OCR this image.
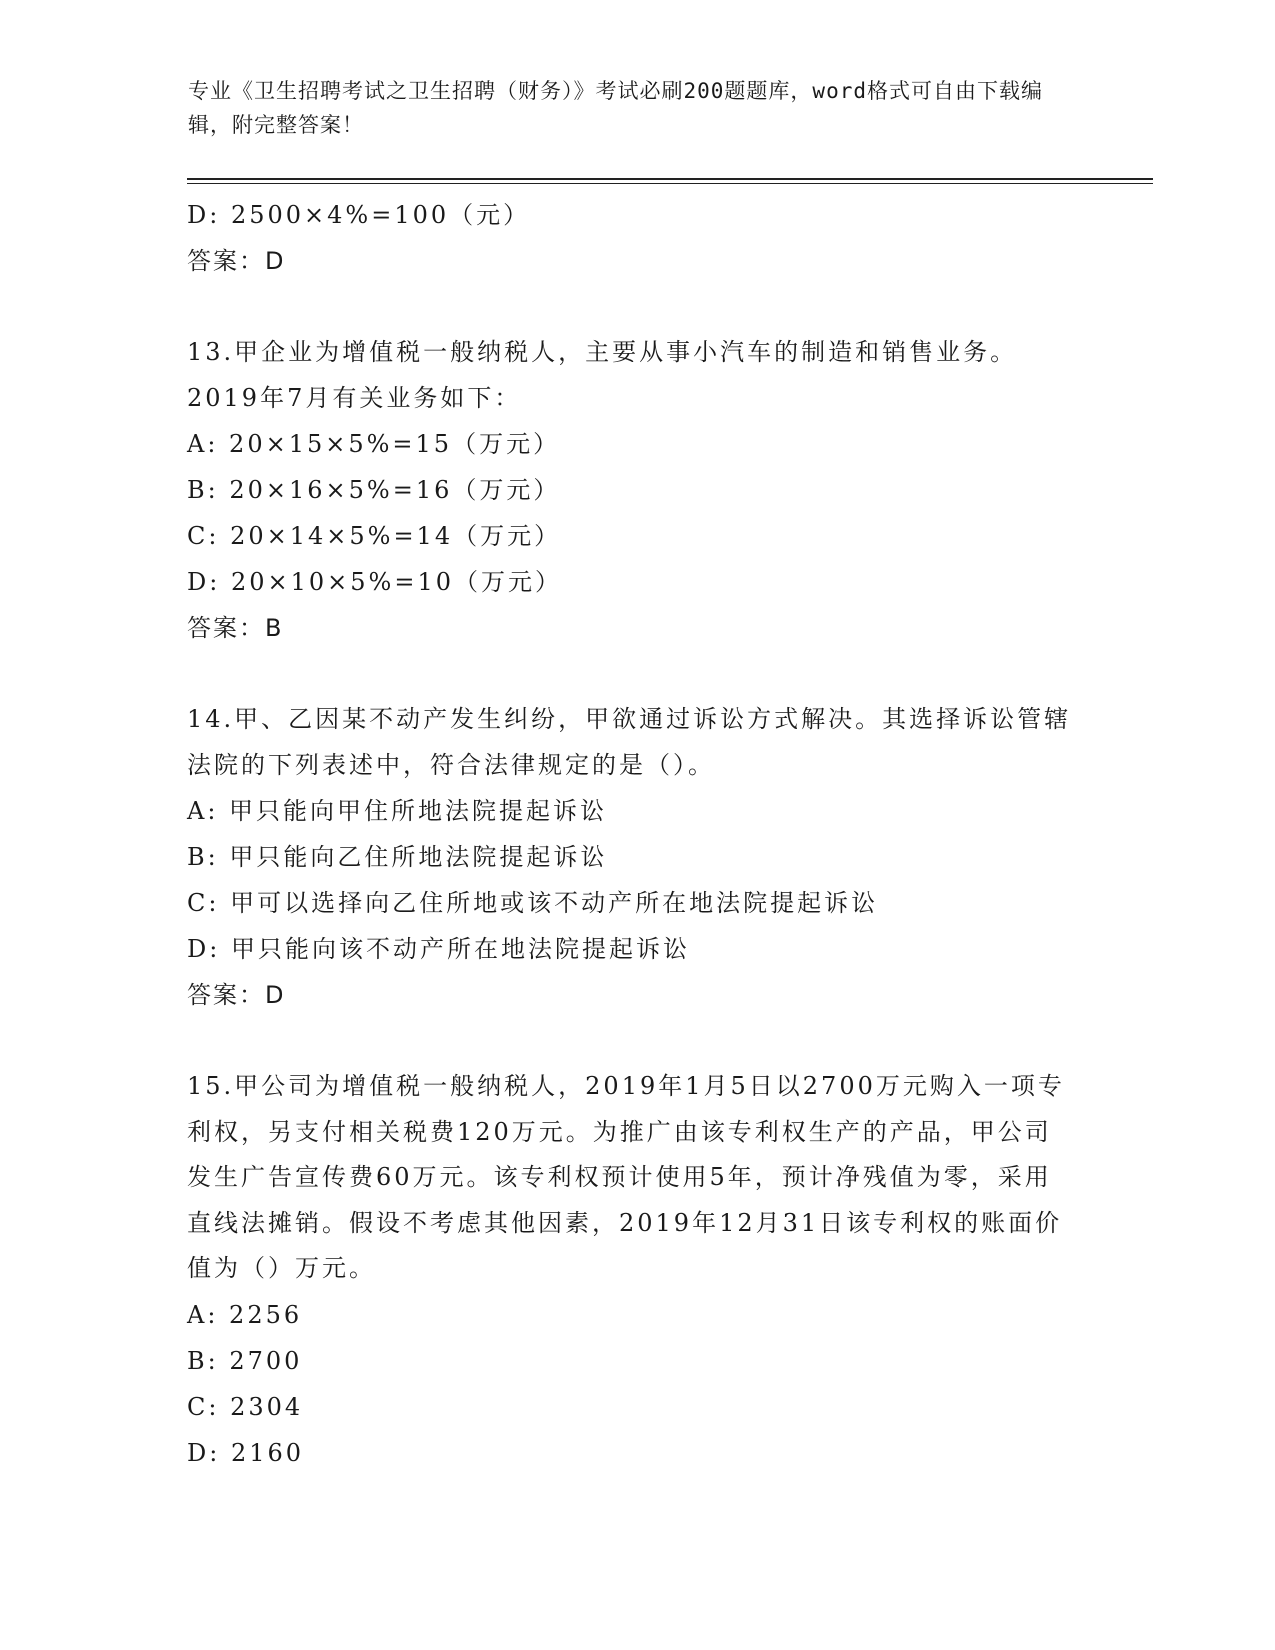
专业《卫生招聘考试之卫生招聘（财务）》考试必刷200题题库，word格式可自由下载编辑，附完整答案！
D: 2500×4%=100（元）
答案：D
13.甲企业为增值税一般纳税人，主要从事小汽车的制造和销售业务。2019年7月有关业务如下：
A: 20×15×5%=15（万元）
B: 20×16×5%=16（万元）
C: 20×14×5%=14（万元）
D: 20×10×5%=10（万元）
答案：B
14.甲、乙因某不动产发生纠纷，甲欲通过诉讼方式解决。其选择诉讼管辖法院的下列表述中，符合法律规定的是（）。
A: 甲只能向甲住所地法院提起诉讼
B: 甲只能向乙住所地法院提起诉讼
C: 甲可以选择向乙住所地或该不动产所在地法院提起诉讼
D: 甲只能向该不动产所在地法院提起诉讼
答案：D
15.甲公司为增值税一般纳税人，2019年1月5日以2700万元购入一项专利权，另支付相关税费120万元。为推广由该专利权生产的产品，甲公司发生广告宣传费60万元。该专利权预计使用5年，预计净残值为零，采用直线法摊销。假设不考虑其他因素，2019年12月31日该专利权的账面价值为（）万元。
A: 2256
B: 2700
C: 2304
D: 2160
